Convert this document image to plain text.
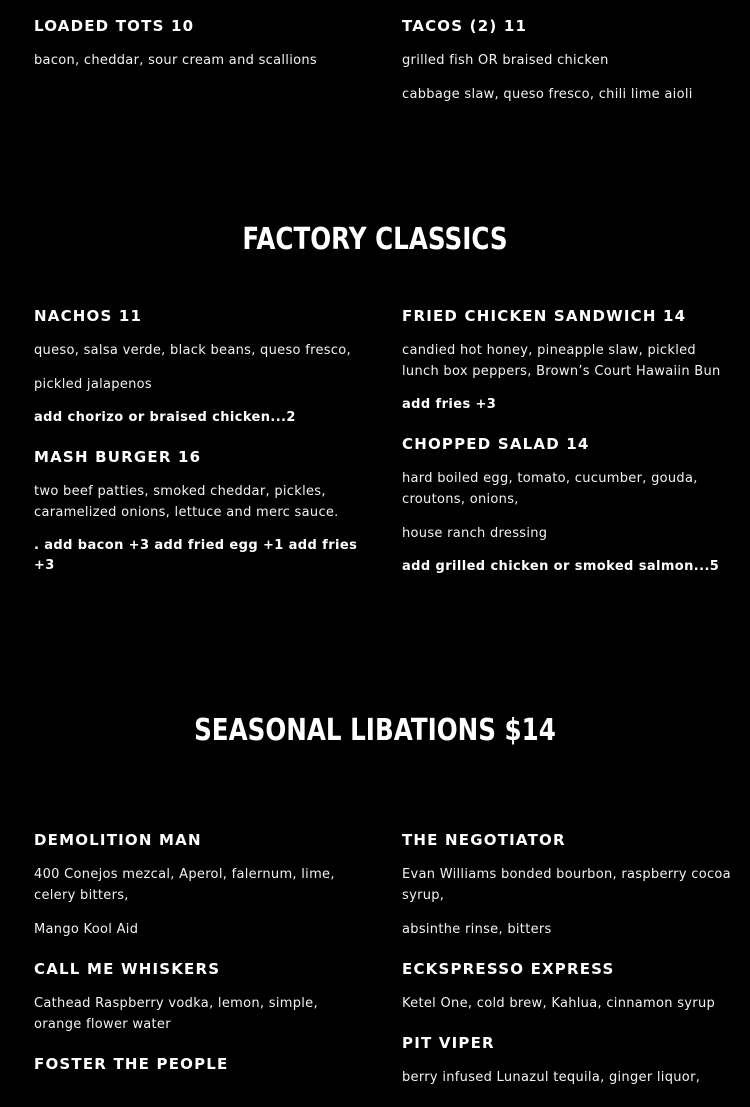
LOADED TOTS 10
bacon, cheddar, sour cream and scallions
TACOS (2) 11
grilled fish OR braised chicken
cabbage slaw, queso fresco, chili lime aioli
FACTORY CLASSICS
NACHOS 11
queso, salsa verde, black beans, queso fresco,
pickled jalapenos
add chorizo or braised chicken...2
MASH BURGER 16
two beef patties, smoked cheddar, pickles, caramelized onions, lettuce and merc sauce.
. add bacon +3 add fried egg +1 add fries +3
FRIED CHICKEN SANDWICH 14
candied hot honey, pineapple slaw, pickled lunch box peppers, Brown’s Court Hawaiin Bun
add fries +3
CHOPPED SALAD 14
hard boiled egg, tomato, cucumber, gouda, croutons, onions,
house ranch dressing
add grilled chicken or smoked salmon...5
SEASONAL LIBATIONS $14
DEMOLITION MAN
400 Conejos mezcal, Aperol, falernum, lime, celery bitters,
Mango Kool Aid
CALL ME WHISKERS
Cathead Raspberry vodka, lemon, simple, orange flower water
FOSTER THE PEOPLE
THE NEGOTIATOR
Evan Williams bonded bourbon, raspberry cocoa syrup,
absinthe rinse, bitters
ECKSPRESSO EXPRESS
Ketel One, cold brew, Kahlua, cinnamon syrup
PIT VIPER
berry infused Lunazul tequila, ginger liquor,
